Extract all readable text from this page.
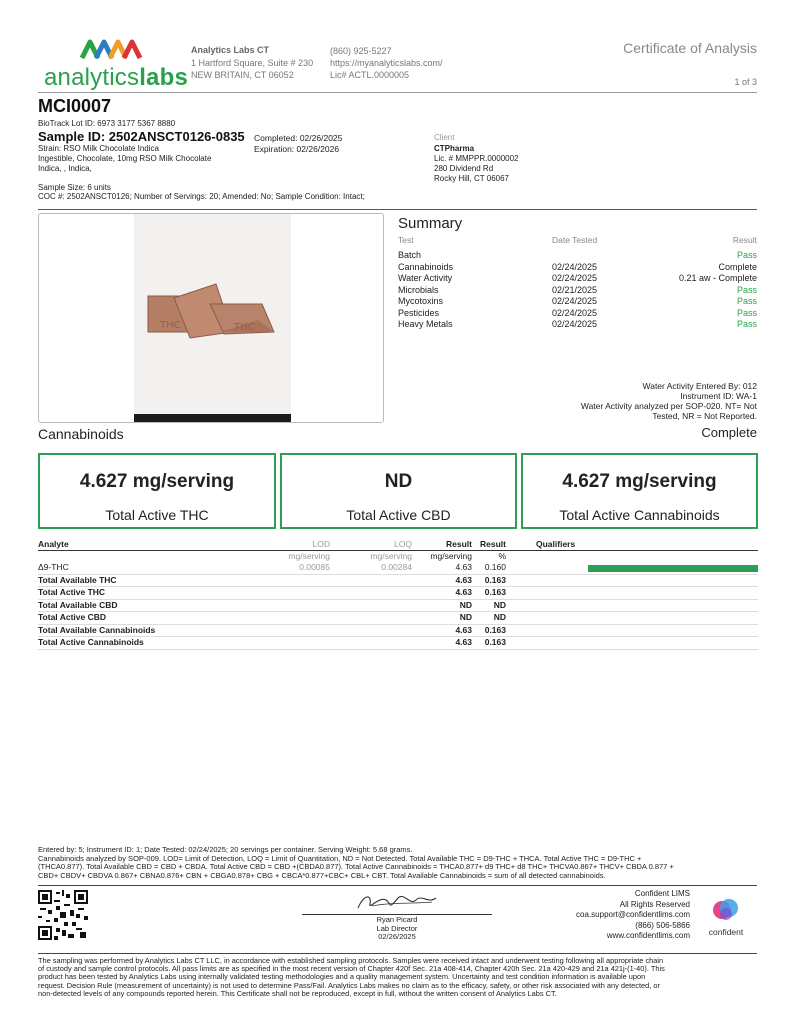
analyticslabs
Analytics Labs CT
1 Hartford Square, Suite # 230
NEW BRITAIN, CT 06052
(860) 925-5227
https://myanalyticslabs.com/
Lic# ACTL.0000005
Certificate of Analysis
1 of 3
MCI0007
BioTrack Lot ID: 6973 3177 5367 8880
Sample ID: 2502ANSCT0126-0835
Strain: RSO Milk Chocolate Indica
Ingestible, Chocolate, 10mg RSO Milk Chocolate
Indica, , Indica,
Completed: 02/26/2025
Expiration: 02/26/2026
Client
CTPharma
Lic. # MMPPR.0000002
280 Dividend Rd
Rocky Hill, CT 06067
Sample Size: 6 units
COC #: 2502ANSCT0126; Number of Servings: 20; Amended: No; Sample Condition: Intact;
THC	THC
Summary
Test	Date Tested	Result
Batch	Pass
Cannabinoids	02/24/2025	Complete
Water Activity	02/24/2025	0.21 aw - Complete
Microbials	02/21/2025	Pass
Mycotoxins	02/24/2025	Pass
Pesticides	02/24/2025	Pass
Heavy Metals	02/24/2025	Pass
Water Activity Entered By: 012
Instrument ID: WA-1
Water Activity analyzed per SOP-020. NT= Not
Tested, NR = Not Reported.
Cannabinoids	Complete
4.627 mg/serving
Total Active THC
ND
Total Active CBD
4.627 mg/serving
Total Active Cannabinoids
Analyte	LOD	LOQ	Result Result	Qualifiers
mg/serving	mg/serving	mg/serving	%
Δ9-THC	0.00085	0.00284	4.63	0.160
Total Available THC	4.63	0.163
Total Active THC	4.63	0.163
Total Available CBD	ND	ND
Total Active CBD	ND	ND
Total Available Cannabinoids	4.63	0.163
Total Active Cannabinoids	4.63	0.163
Entered by: 5; Instrument ID: 1; Date Tested: 02/24/2025; 20 servings per container. Serving Weight: 5.68 grams.
Cannabinoids analyzed by SOP-009. LOD= Limit of Detection, LOQ = Limit of Quantitation, ND = Not Detected. Total Available THC = D9-THC + THCA. Total Active THC = D9-THC +
(THCA0.877). Total Available CBD = CBD + CBDA. Total Active CBD = CBD +(CBDA0.877). Total Active Cannabinoids = THCA0.877+ d9 THC+ d8 THC+ THCVA0.867+ THCV+ CBDA 0.877 +
CBD+ CBDV+ CBDVA 0.867+ CBNA0.876+ CBN + CBGA0.878+ CBG + CBCA*0.877+CBC+ CBL+ CBT. Total Available Cannabinoids = sum of all detected cannabinoids.
Ryan Picard
Lab Director
02/26/2025
Confident LIMS
All Rights Reserved
coa.support@confidentlims.com
(866) 506-5866
www.confidentlims.com	confident
The sampling was performed by Analytics Labs CT LLC, in accordance with established sampling protocols. Samples were received intact and underwent testing following all appropriate chain
of custody and sample control protocols. All pass limits are as specified in the most recent version of Chapter 420f Sec. 21a 408-414, Chapter 420h Sec. 21a 420-429 and 21a 421j-(1-40). This
product has been tested by Analytics Labs using internally validated testing methodologies and a quality management system. Uncertainty and test condition information is available upon
request. Decision Rule (measurement of uncertainty) is not used to determine Pass/Fail. Analytics Labs makes no claim as to the efficacy, safety, or other risk associated with any detected, or
non-detected levels of any compounds reported herein. This Certificate shall not be reproduced, except in full, without the written consent of Analytics Labs CT.
